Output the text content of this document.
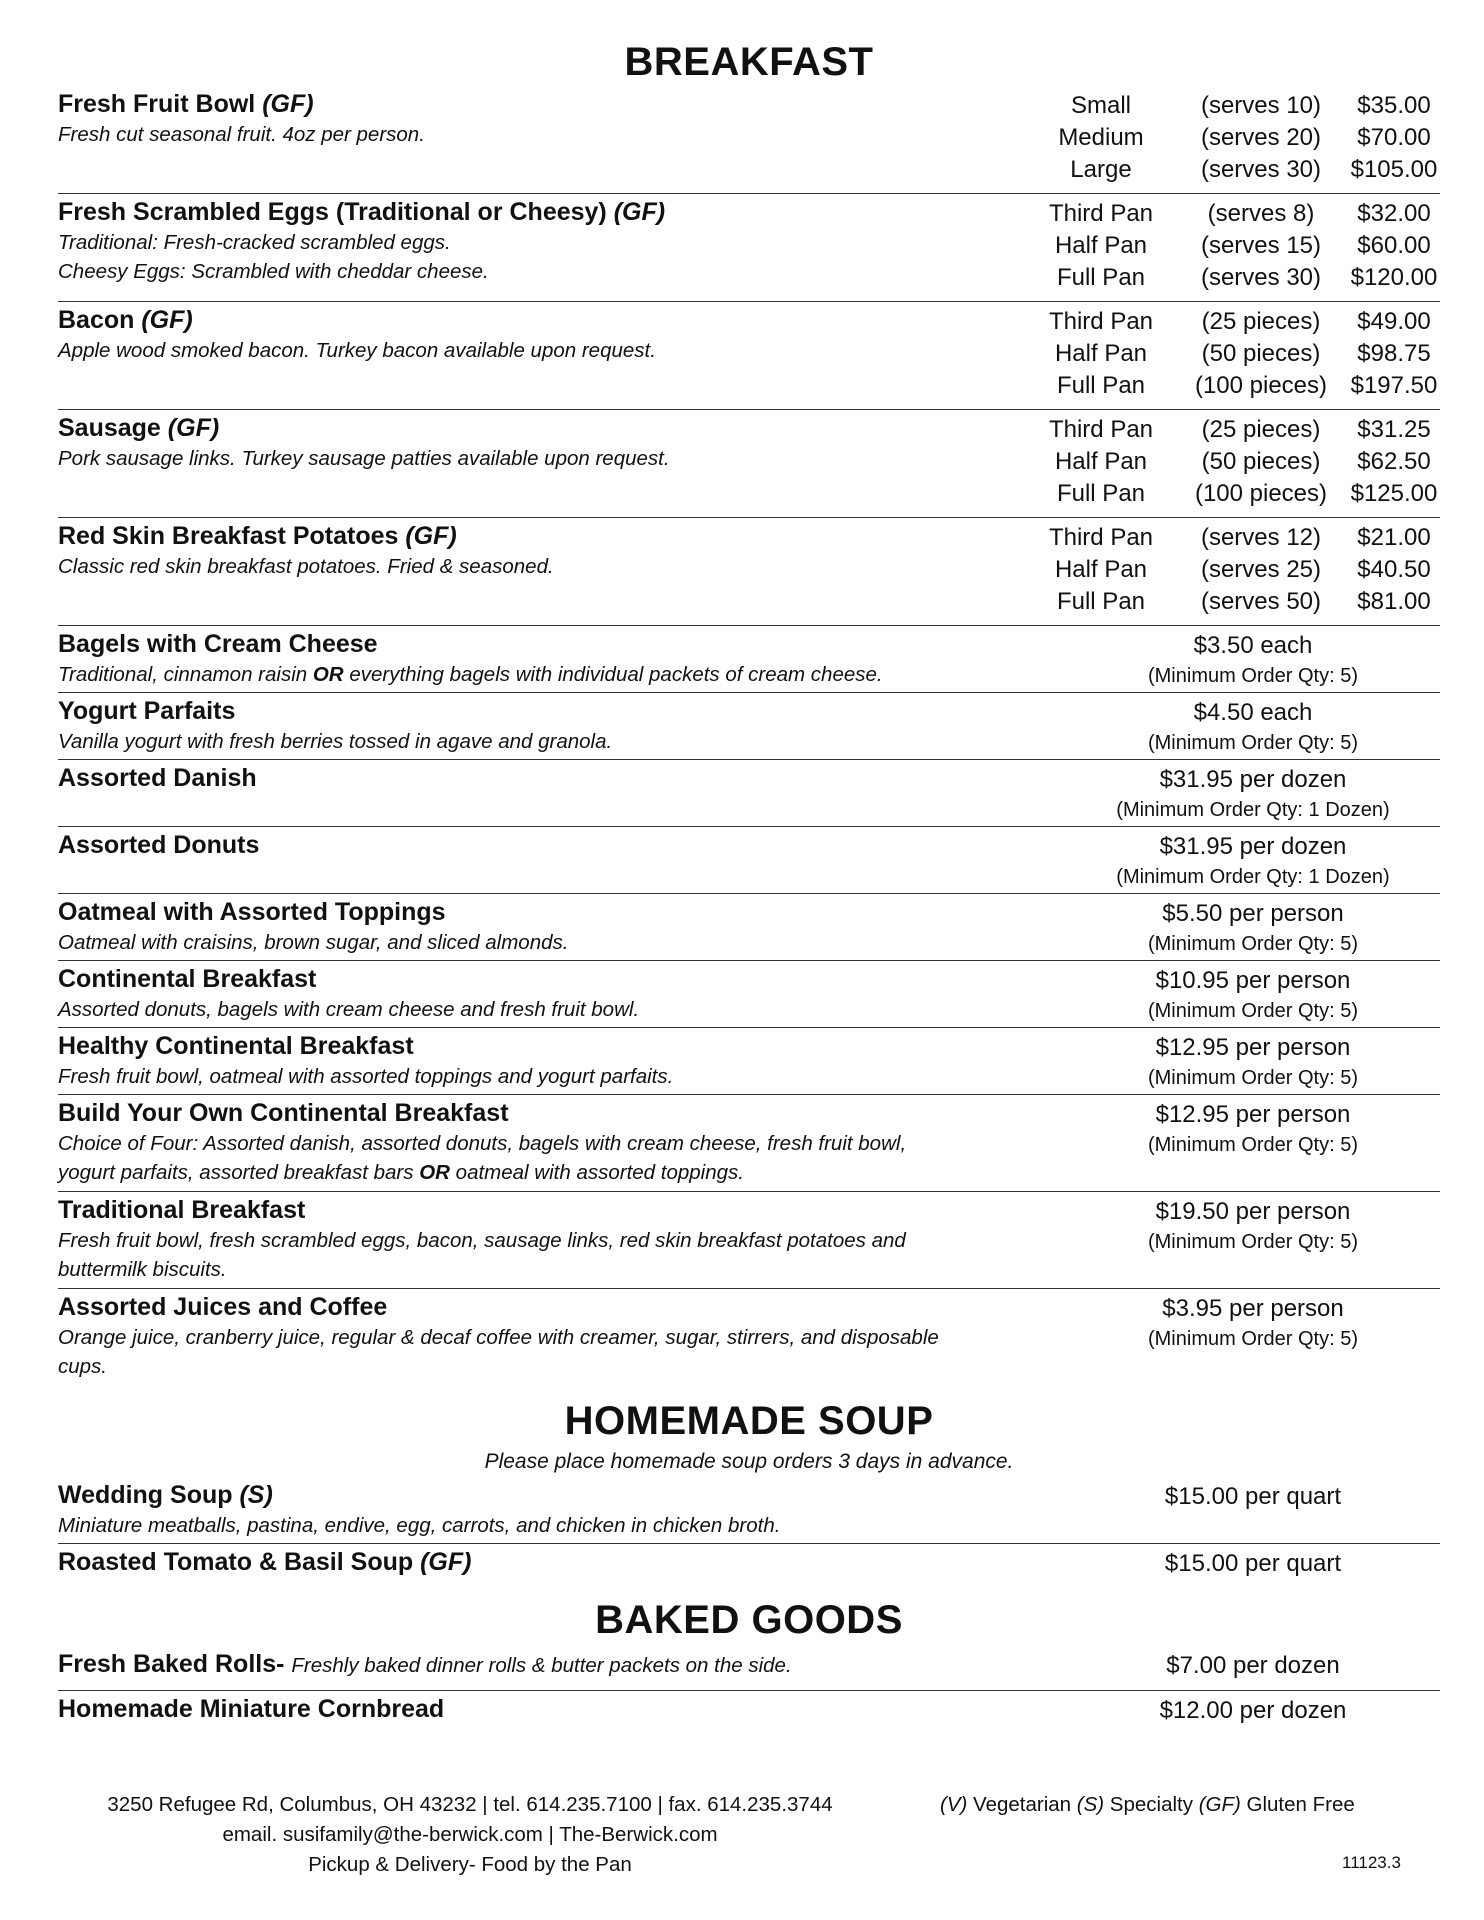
BREAKFAST
Fresh Fruit Bowl (GF)
Fresh cut seasonal fruit. 4oz per person.
Small	(serves 10)	$35.00
Medium	(serves 20)	$70.00
Large	(serves 30)	$105.00
Fresh Scrambled Eggs (Traditional or Cheesy) (GF)
Traditional: Fresh-cracked scrambled eggs.
Cheesy Eggs: Scrambled with cheddar cheese.
Third Pan	(serves 8)	$32.00
Half Pan	(serves 15)	$60.00
Full Pan	(serves 30)	$120.00
Bacon (GF)
Apple wood smoked bacon. Turkey bacon available upon request.
Third Pan	(25 pieces)	$49.00
Half Pan	(50 pieces)	$98.75
Full Pan	(100 pieces) $197.50
Sausage (GF)
Pork sausage links. Turkey sausage patties available upon request.
Third Pan	(25 pieces)	$31.25
Half Pan	(50 pieces)	$62.50
Full Pan	(100 pieces) $125.00
Red Skin Breakfast Potatoes (GF)
Classic red skin breakfast potatoes. Fried & seasoned.
Third Pan	(serves 12)	$21.00
Half Pan	(serves 25)	$40.50
Full Pan	(serves 50)	$81.00
Bagels with Cream Cheese
Traditional, cinnamon raisin OR everything bagels with individual packets of cream cheese.
$3.50 each
(Minimum Order Qty: 5)
Yogurt Parfaits
Vanilla yogurt with fresh berries tossed in agave and granola.
$4.50 each
(Minimum Order Qty: 5)
Assorted Danish	$31.95 per dozen
(Minimum Order Qty: 1 Dozen)
Assorted Donuts	$31.95 per dozen
(Minimum Order Qty: 1 Dozen)
Oatmeal with Assorted Toppings
Oatmeal with craisins, brown sugar, and sliced almonds.
$5.50 per person
(Minimum Order Qty: 5)
Continental Breakfast
Assorted donuts, bagels with cream cheese and fresh fruit bowl.
$10.95 per person
(Minimum Order Qty: 5)
Healthy Continental Breakfast
Fresh fruit bowl, oatmeal with assorted toppings and yogurt parfaits.
$12.95 per person
(Minimum Order Qty: 5)
Build Your Own Continental Breakfast
Choice of Four: Assorted danish, assorted donuts, bagels with cream cheese, fresh fruit bowl,
yogurt parfaits, assorted breakfast bars OR oatmeal with assorted toppings.
$12.95 per person
(Minimum Order Qty: 5)
Traditional Breakfast
Fresh fruit bowl, fresh scrambled eggs, bacon, sausage links, red skin breakfast potatoes and
buttermilk biscuits.
$19.50 per person
(Minimum Order Qty: 5)
Assorted Juices and Coffee
Orange juice, cranberry juice, regular & decaf coffee with creamer, sugar, stirrers, and disposable
cups.
$3.95 per person
(Minimum Order Qty: 5)
HOMEMADE SOUP
Please place homemade soup orders 3 days in advance.
Wedding Soup (S)
Miniature meatballs, pastina, endive, egg, carrots, and chicken in chicken broth.
$15.00 per quart
Roasted Tomato & Basil Soup (GF)	$15.00 per quart
BAKED GOODS
Fresh Baked Rolls- Freshly baked dinner rolls & butter packets on the side.	$7.00 per dozen
Homemade Miniature Cornbread	$12.00 per dozen
3250 Refugee Rd, Columbus, OH 43232 | tel. 614.235.7100 | fax. 614.235.3744
email. susifamily@the-berwick.com | The-Berwick.com
Pickup & Delivery- Food by the Pan
(V) Vegetarian (S) Specialty (GF) Gluten Free
11123.3
